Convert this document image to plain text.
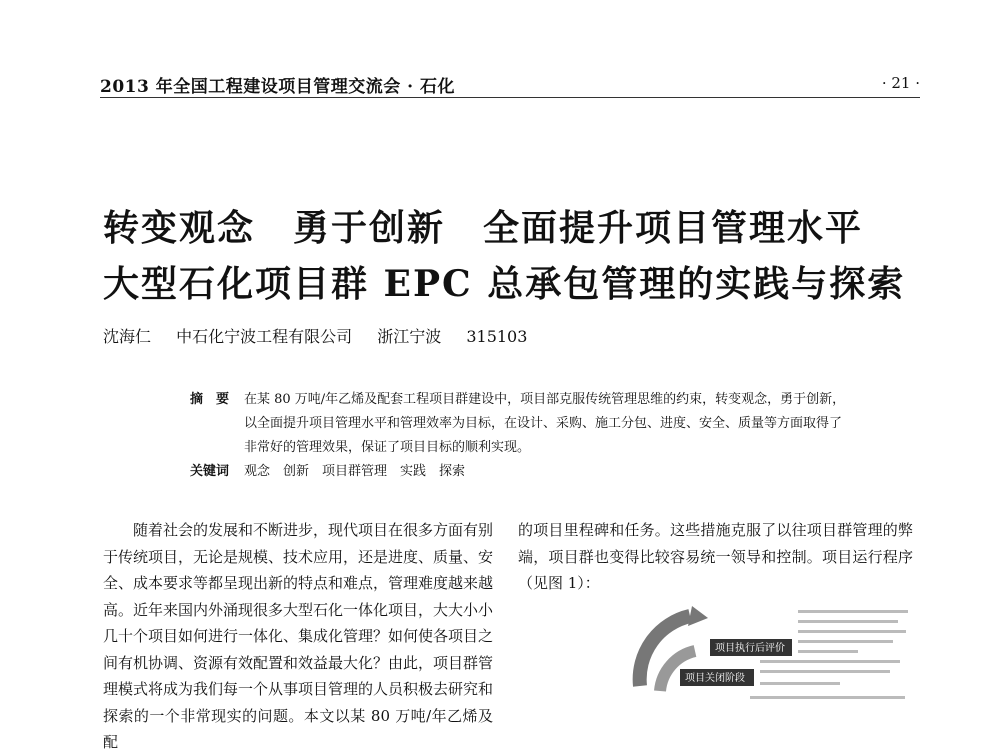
2013 年全国工程建设项目管理交流会 · 石化	· 21 ·
转变观念　勇于创新　全面提升项目管理水平
大型石化项目群 EPC 总承包管理的实践与探索
沈海仁 中石化宁波工程有限公司 浙江宁波 315103
摘　要 在某 80 万吨/年乙烯及配套工程项目群建设中，项目部克服传统管理思维的约束，转变观念，勇于创新，以全面提升项目管理水平和管理效率为目标，在设计、采购、施工分包、进度、安全、质量等方面取得了非常好的管理效果，保证了项目目标的顺利实现。
关键词 观念　创新　项目群管理　实践　探索

随着社会的发展和不断进步，现代项目在很多方面有别于传统项目，无论是规模、技术应用，还是进度、质量、安全、成本要求等都呈现出新的特点和难点，管理难度越来越高。近年来国内外涌现很多大型石化一体化项目，大大小小几十个项目如何进行一体化、集成化管理？如何使各项目之间有机协调、资源有效配置和效益最大化？由此，项目群管理模式将成为我们每一个从事项目管理的人员积极去研究和探索的一个非常现实的问题。本文以某 80 万吨/年乙烯及配

的项目里程碑和任务。这些措施克服了以往项目群管理的弊端，项目群也变得比较容易统一领导和控制。项目运行程序（见图 1）：

项目执行后评价
项目关闭阶段
